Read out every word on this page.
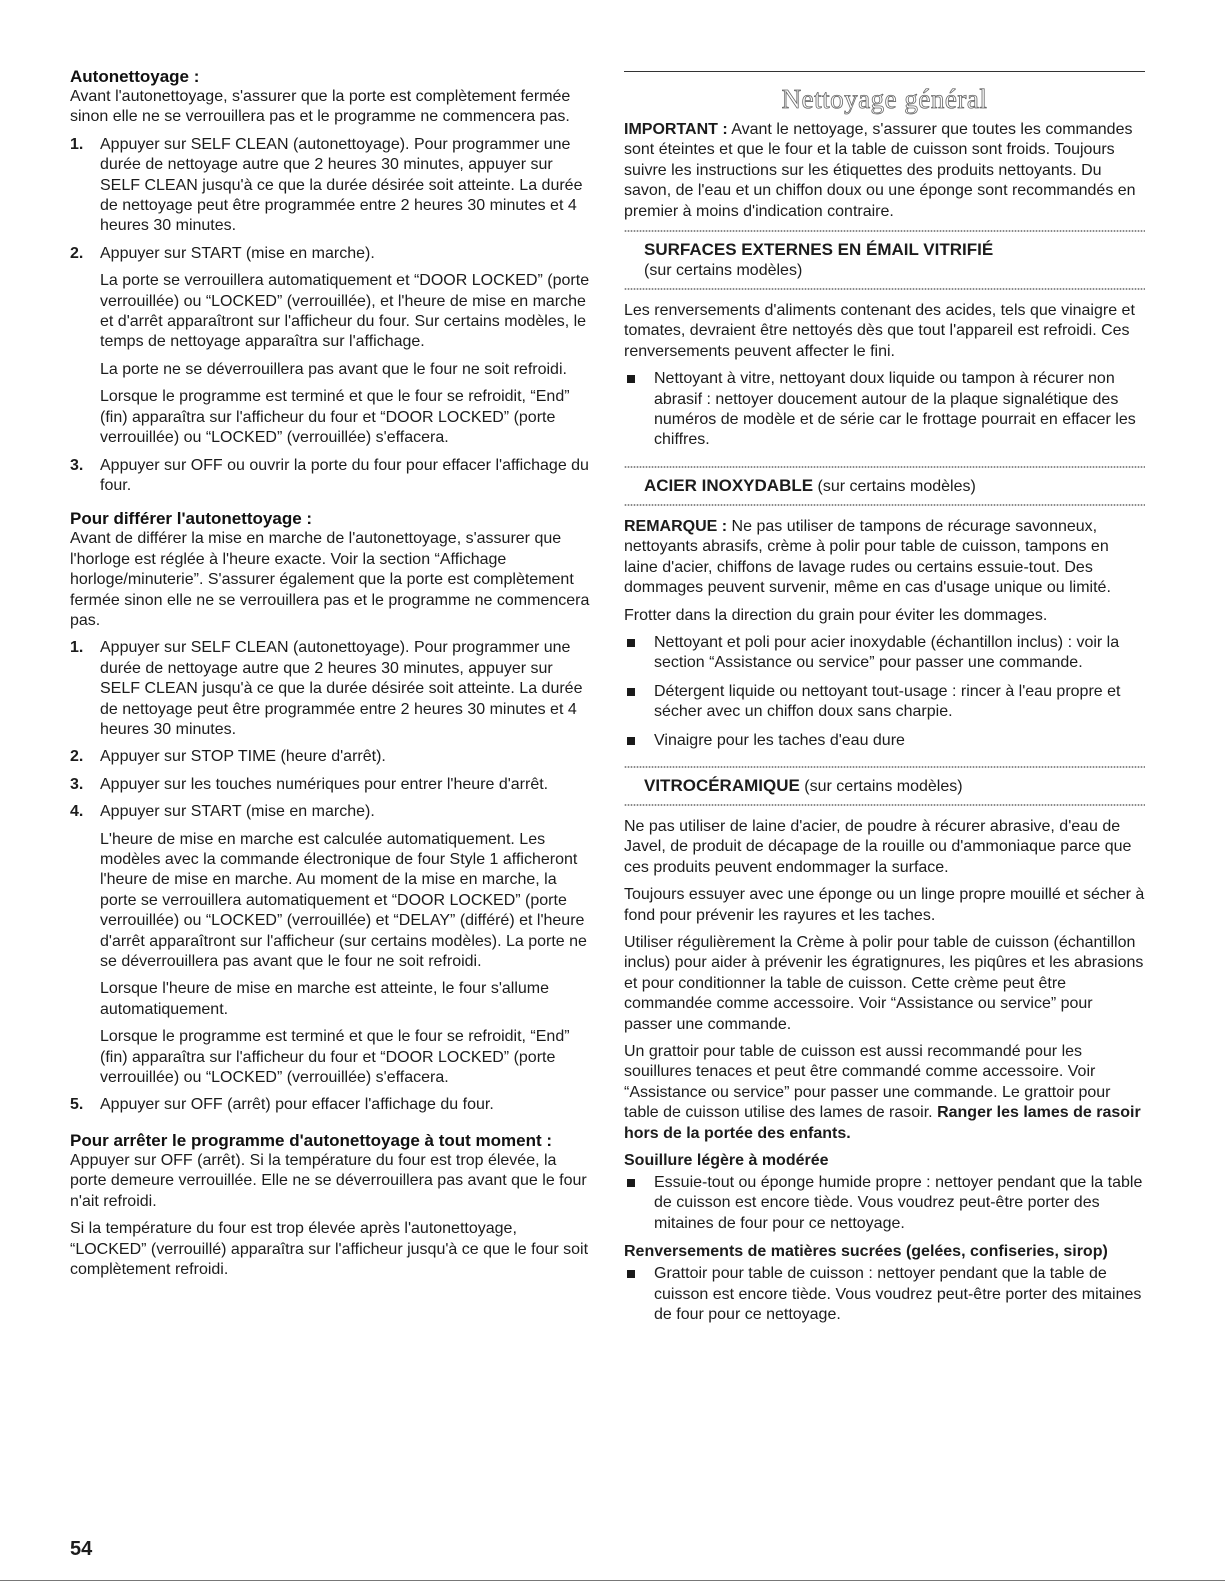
Autonettoyage :

Avant l'autonettoyage, s'assurer que la porte est complètement fermée sinon elle ne se verrouillera pas et le programme ne commencera pas.

1. Appuyer sur SELF CLEAN (autonettoyage). Pour programmer une durée de nettoyage autre que 2 heures 30 minutes, appuyer sur SELF CLEAN jusqu'à ce que la durée désirée soit atteinte. La durée de nettoyage peut être programmée entre 2 heures 30 minutes et 4 heures 30 minutes.

2. Appuyer sur START (mise en marche).

La porte se verrouillera automatiquement et “DOOR LOCKED” (porte verrouillée) ou “LOCKED” (verrouillée), et l'heure de mise en marche et d'arrêt apparaîtront sur l'afficheur du four. Sur certains modèles, le temps de nettoyage apparaîtra sur l'affichage.

La porte ne se déverrouillera pas avant que le four ne soit refroidi.

Lorsque le programme est terminé et que le four se refroidit, “End” (fin) apparaîtra sur l'afficheur du four et “DOOR LOCKED” (porte verrouillée) ou “LOCKED” (verrouillée) s'effacera.

3. Appuyer sur OFF ou ouvrir la porte du four pour effacer l'affichage du four.

Pour différer l'autonettoyage :

Avant de différer la mise en marche de l'autonettoyage, s'assurer que l'horloge est réglée à l'heure exacte. Voir la section “Affichage horloge/minuterie”. S'assurer également que la porte est complètement fermée sinon elle ne se verrouillera pas et le programme ne commencera pas.

1. Appuyer sur SELF CLEAN (autonettoyage). Pour programmer une durée de nettoyage autre que 2 heures 30 minutes, appuyer sur SELF CLEAN jusqu'à ce que la durée désirée soit atteinte. La durée de nettoyage peut être programmée entre 2 heures 30 minutes et 4 heures 30 minutes.

2. Appuyer sur STOP TIME (heure d'arrêt).

3. Appuyer sur les touches numériques pour entrer l'heure d'arrêt.

4. Appuyer sur START (mise en marche).

L'heure de mise en marche est calculée automatiquement. Les modèles avec la commande électronique de four Style 1 afficheront l'heure de mise en marche. Au moment de la mise en marche, la porte se verrouillera automatiquement et “DOOR LOCKED” (porte verrouillée) ou “LOCKED” (verrouillée) et “DELAY” (différé) et l'heure d'arrêt apparaîtront sur l'afficheur (sur certains modèles). La porte ne se déverrouillera pas avant que le four ne soit refroidi.

Lorsque l'heure de mise en marche est atteinte, le four s'allume automatiquement.

Lorsque le programme est terminé et que le four se refroidit, “End” (fin) apparaîtra sur l'afficheur du four et “DOOR LOCKED” (porte verrouillée) ou “LOCKED” (verrouillée) s'effacera.

5. Appuyer sur OFF (arrêt) pour effacer l'affichage du four.

Pour arrêter le programme d'autonettoyage à tout moment :

Appuyer sur OFF (arrêt). Si la température du four est trop élevée, la porte demeure verrouillée. Elle ne se déverrouillera pas avant que le four n'ait refroidi.

Si la température du four est trop élevée après l'autonettoyage, “LOCKED” (verrouillé) apparaîtra sur l'afficheur jusqu'à ce que le four soit complètement refroidi.

Nettoyage général

IMPORTANT : Avant le nettoyage, s'assurer que toutes les commandes sont éteintes et que le four et la table de cuisson sont froids. Toujours suivre les instructions sur les étiquettes des produits nettoyants. Du savon, de l'eau et un chiffon doux ou une éponge sont recommandés en premier à moins d'indication contraire.

SURFACES EXTERNES EN ÉMAIL VITRIFIÉ
(sur certains modèles)

Les renversements d'aliments contenant des acides, tels que vinaigre et tomates, devraient être nettoyés dès que tout l'appareil est refroidi. Ces renversements peuvent affecter le fini.

Nettoyant à vitre, nettoyant doux liquide ou tampon à récurer non abrasif : nettoyer doucement autour de la plaque signalétique des numéros de modèle et de série car le frottage pourrait en effacer les chiffres.

ACIER INOXYDABLE (sur certains modèles)

REMARQUE : Ne pas utiliser de tampons de récurage savonneux, nettoyants abrasifs, crème à polir pour table de cuisson, tampons en laine d'acier, chiffons de lavage rudes ou certains essuie-tout. Des dommages peuvent survenir, même en cas d'usage unique ou limité.

Frotter dans la direction du grain pour éviter les dommages.

Nettoyant et poli pour acier inoxydable (échantillon inclus) : voir la section “Assistance ou service” pour passer une commande.

Détergent liquide ou nettoyant tout-usage : rincer à l'eau propre et sécher avec un chiffon doux sans charpie.

Vinaigre pour les taches d'eau dure

VITROCÉRAMIQUE (sur certains modèles)

Ne pas utiliser de laine d'acier, de poudre à récurer abrasive, d'eau de Javel, de produit de décapage de la rouille ou d'ammoniaque parce que ces produits peuvent endommager la surface.

Toujours essuyer avec une éponge ou un linge propre mouillé et sécher à fond pour prévenir les rayures et les taches.

Utiliser régulièrement la Crème à polir pour table de cuisson (échantillon inclus) pour aider à prévenir les égratignures, les piqûres et les abrasions et pour conditionner la table de cuisson. Cette crème peut être commandée comme accessoire. Voir “Assistance ou service” pour passer une commande.

Un grattoir pour table de cuisson est aussi recommandé pour les souillures tenaces et peut être commandé comme accessoire. Voir “Assistance ou service” pour passer une commande. Le grattoir pour table de cuisson utilise des lames de rasoir. Ranger les lames de rasoir hors de la portée des enfants.

Souillure légère à modérée

Essuie-tout ou éponge humide propre : nettoyer pendant que la table de cuisson est encore tiède. Vous voudrez peut-être porter des mitaines de four pour ce nettoyage.

Renversements de matières sucrées (gelées, confiseries, sirop)

Grattoir pour table de cuisson : nettoyer pendant que la table de cuisson est encore tiède. Vous voudrez peut-être porter des mitaines de four pour ce nettoyage.

54
